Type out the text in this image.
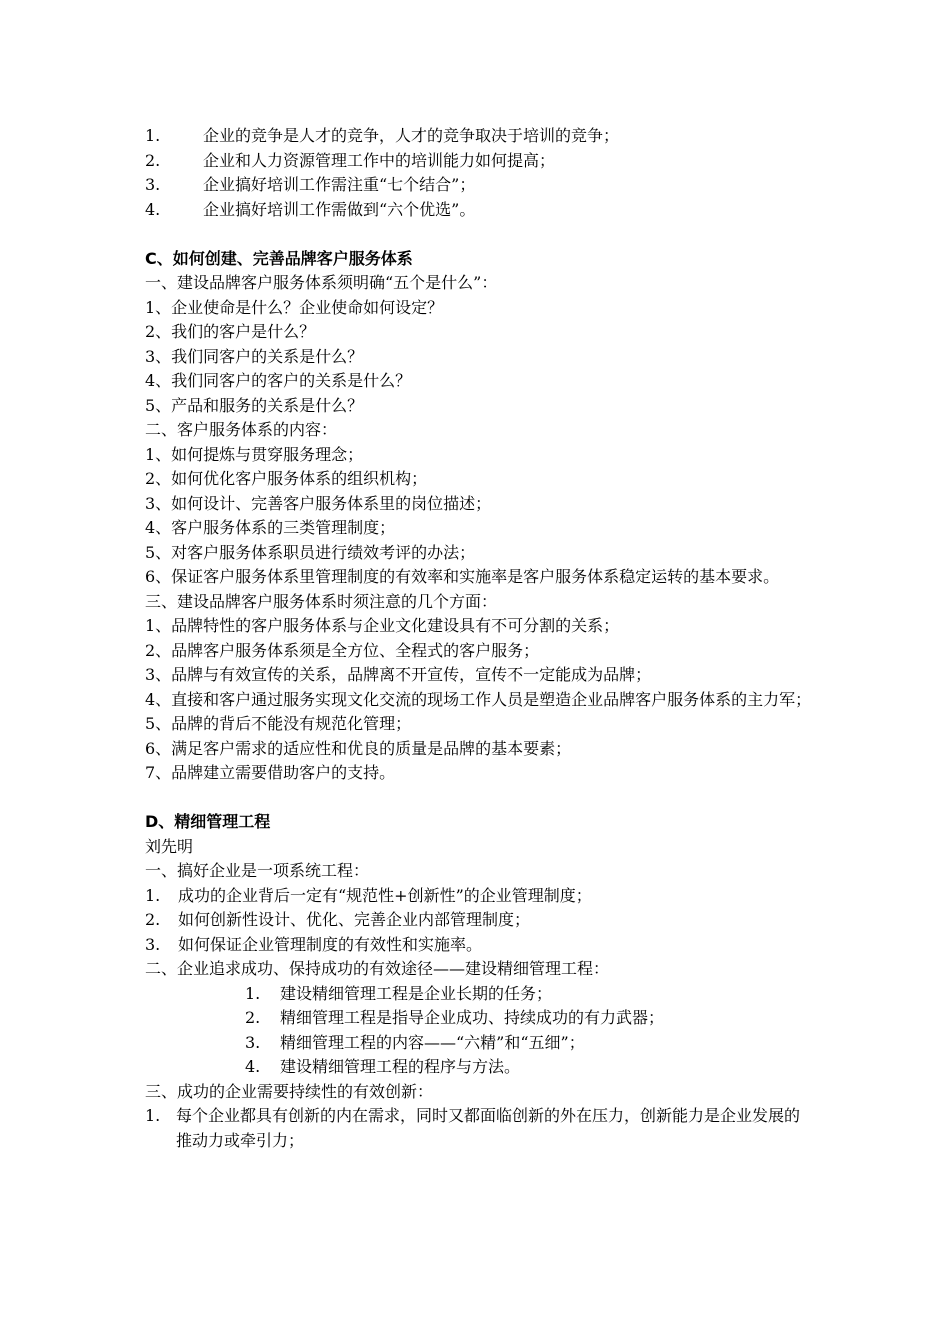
1.	企业的竞争是人才的竞争，人才的竞争取决于培训的竞争；
2.	企业和人力资源管理工作中的培训能力如何提高；
3.	企业搞好培训工作需注重“七个结合”；
4.	企业搞好培训工作需做到“六个优选”。
C、如何创建、完善品牌客户服务体系
一、建设品牌客户服务体系须明确“五个是什么”：
1、企业使命是什么？企业使命如何设定？
2、我们的客户是什么？
3、我们同客户的关系是什么？
4、我们同客户的客户的关系是什么？
5、产品和服务的关系是什么？
二、客户服务体系的内容：
1、如何提炼与贯穿服务理念；
2、如何优化客户服务体系的组织机构；
3、如何设计、完善客户服务体系里的岗位描述；
4、客户服务体系的三类管理制度；
5、对客户服务体系职员进行绩效考评的办法；
6、保证客户服务体系里管理制度的有效率和实施率是客户服务体系稳定运转的基本要求。
三、建设品牌客户服务体系时须注意的几个方面：
1、品牌特性的客户服务体系与企业文化建设具有不可分割的关系；
2、品牌客户服务体系须是全方位、全程式的客户服务；
3、品牌与有效宣传的关系，品牌离不开宣传，宣传不一定能成为品牌；
4、直接和客户通过服务实现文化交流的现场工作人员是塑造企业品牌客户服务体系的主力军；
5、品牌的背后不能没有规范化管理；
6、满足客户需求的适应性和优良的质量是品牌的基本要素；
7、品牌建立需要借助客户的支持。
D、精细管理工程
刘先明
一、搞好企业是一项系统工程：
1. 成功的企业背后一定有“规范性+创新性”的企业管理制度；
2. 如何创新性设计、优化、完善企业内部管理制度；
3. 如何保证企业管理制度的有效性和实施率。
二、企业追求成功、保持成功的有效途径——建设精细管理工程：
1. 建设精细管理工程是企业长期的任务；
2. 精细管理工程是指导企业成功、持续成功的有力武器；
3. 精细管理工程的内容——“六精”和“五细”；
4. 建设精细管理工程的程序与方法。
三、成功的企业需要持续性的有效创新：
1. 每个企业都具有创新的内在需求，同时又都面临创新的外在压力，创新能力是企业发展的推动力或牵引力；
